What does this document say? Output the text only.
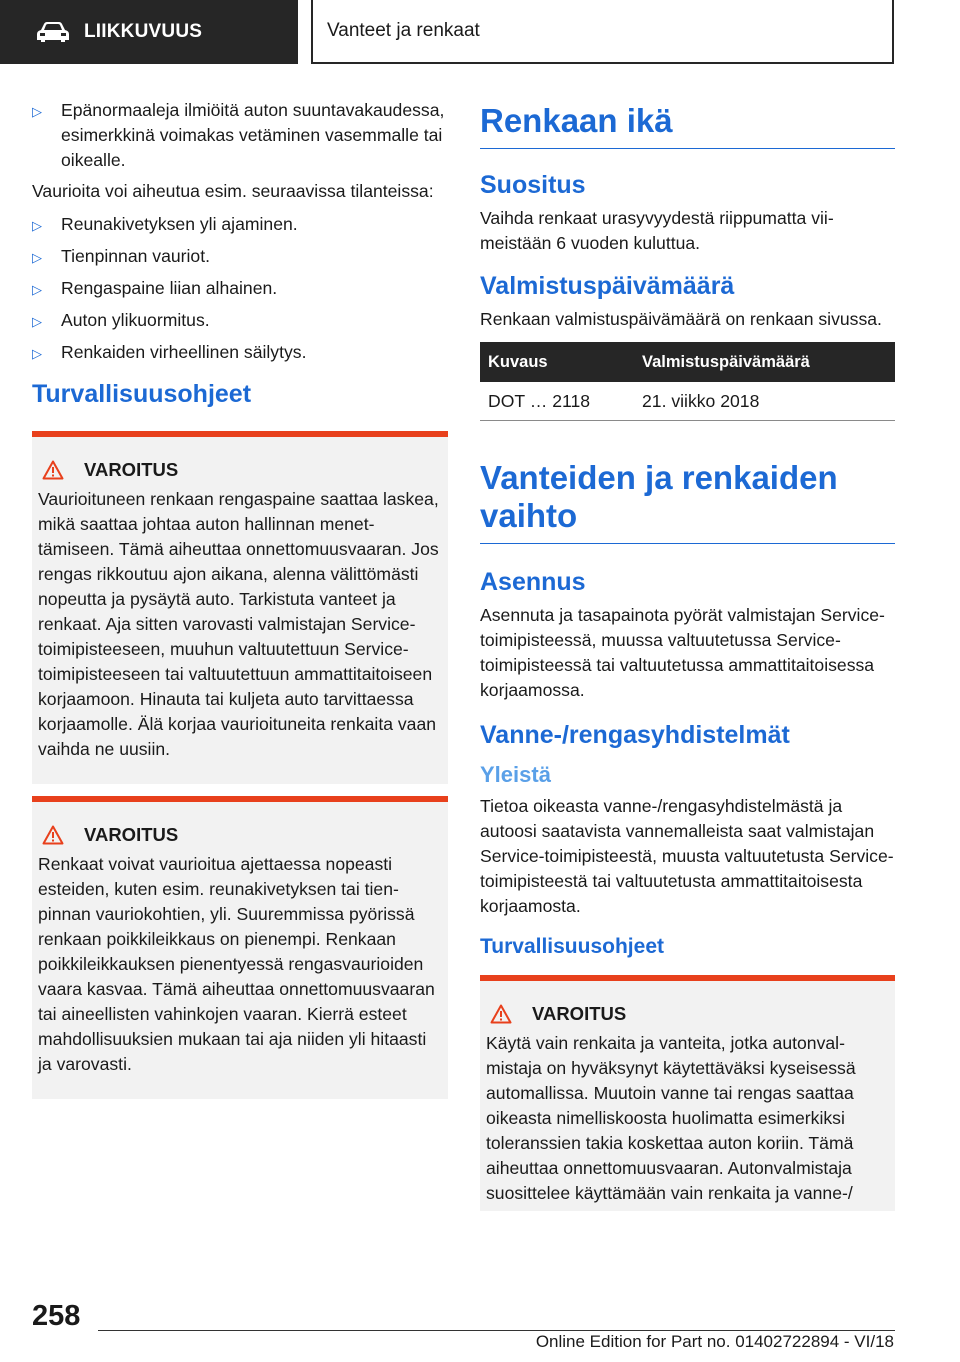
LIIKKUVUUS	Vanteet ja renkaat
▷	Epänormaaleja ilmiöitä auton suuntavakaudessa, esimerkkinä voimakas vetäminen vasemmalle tai oikealle.

Vaurioita voi aiheutua esim. seuraavissa tilanteissa:

▷	Reunakivetyksen yli ajaminen.
▷	Tienpinnan vauriot.
▷	Rengaspaine liian alhainen.
▷	Auton ylikuormitus.
▷	Renkaiden virheellinen säilytys.
Turvallisuusohjeet
VAROITUS
Vaurioituneen renkaan rengaspaine saattaa laskea, mikä saattaa johtaa auton hallinnan menettämiseen. Tämä aiheuttaa onnettomuusvaaran. Jos rengas rikkoutuu ajon aikana, alenna välittömästi nopeutta ja pysäytä auto. Tarkistuta vanteet ja renkaat. Aja sitten varovasti valmistajan Service-toimipisteeseen, muuhun valtuutettuun Service-toimipisteeseen tai valtuutettuun ammattitaitoiseen korjaamoon. Hinauta tai kuljeta auto tarvittaessa korjaamolle. Älä korjaa vaurioituneita renkaita vaan vaihda ne uusiin.
VAROITUS
Renkaat voivat vaurioitua ajettaessa nopeasti esteiden, kuten esim. reunakivetyksen tai tienpinnan vauriokohtien, yli. Suuremmissa pyörissä renkaan poikkileikkaus on pienempi. Renkaan poikkileikkauksen pienentyessä rengasvaurioiden vaara kasvaa. Tämä aiheuttaa onnettomuusvaaran tai aineellisten vahinkojen vaaran. Kierrä esteet mahdollisuuksien mukaan tai aja niiden yli hitaasti ja varovasti.
Renkaan ikä
Suositus

Vaihda renkaat urasyvyydestä riippumatta viimeistään 6 vuoden kuluttua.

Valmistuspäivämäärä

Renkaan valmistuspäivämäärä on renkaan sivussa.

Kuvaus	Valmistuspäivämäärä
DOT … 2118	21. viikko 2018
Vanteiden ja renkaiden vaihto
Asennus

Asennuta ja tasapainota pyörät valmistajan Service-toimipisteessä, muussa valtuutetussa Service-toimipisteessä tai valtuutetussa ammattitaitoisessa korjaamossa.

Vanne-/rengasyhdistelmät
Yleistä

Tietoa oikeasta vanne-/rengasyhdistelmästä ja autoosi saatavista vannemalleista saat valmistajan Service-toimipisteestä, muusta valtuutetusta Service-toimipisteestä tai valtuutetusta ammattitaitoisesta korjaamosta.

Turvallisuusohjeet
VAROITUS
Käytä vain renkaita ja vanteita, jotka autonvalmistaja on hyväksynyt käytettäväksi kyseisessä automallissa. Muutoin vanne tai rengas saattaa oikeasta nimelliskoosta huolimatta esimerkiksi toleranssien takia koskettaa auton koriin. Tämä aiheuttaa onnettomuusvaaran. Autonvalmistaja suosittelee käyttämään vain renkaita ja vanne-/
258
Online Edition for Part no. 01402722894 - VI/18
